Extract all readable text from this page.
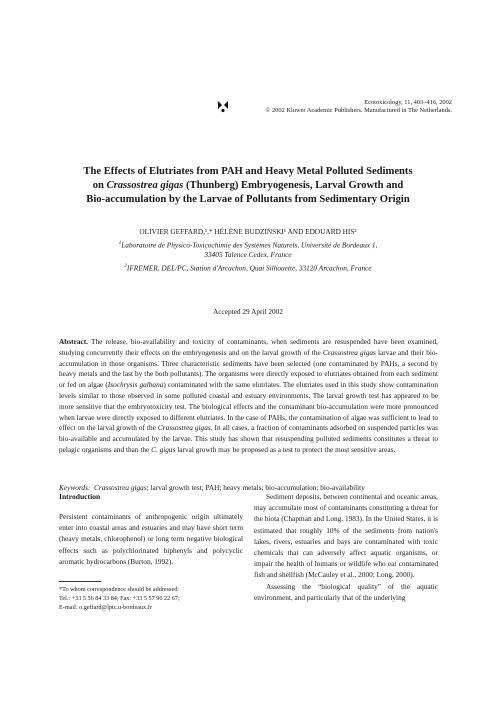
Ecotoxicology, 11, 403–416, 2002
© 2002 Kluwer Academic Publishers. Manufactured in The Netherlands.
The Effects of Elutriates from PAH and Heavy Metal Polluted Sediments
on Crassostrea gigas (Thunberg) Embryogenesis, Larval Growth and
Bio-accumulation by the Larvae of Pollutants from Sedimentary Origin
OLIVIER GEFFARD,¹,* HÉLÈNE BUDZINSKI¹ AND EDOUARD HIS²
$^1$Laboratoire de Physico-Toxicochimie des Systèmes Naturels, Université de Bordeaux 1,
33405 Talence Cedex, France
$^2$IFREMER, DEL/PC, Station d'Arcachon, Quai Silhouette, 33120 Arcachon, France
Accepted 29 April 2002
Abstract. The release, bio-availability and toxicity of contaminants, when sediments are resuspended have been examined, studying concurrently their effects on the embryogenesis and on the larval growth of the Crassostrea gigas larvae and their bio-accumulation in those organisms. Three characteristic sediments have been selected (one contaminated by PAHs, a second by heavy metals and the last by the both pollutants). The organisms were directly exposed to elutriates obtained from each sediment or fed on algae (Isochrysis galbana) contaminated with the same elutriates. The elutriates used in this study show contamination levels similar to those observed in some polluted coastal and estuary environments. The larval growth test has appeared to be more sensitive that the embryotoxicity test. The biological effects and the contaminant bio-accumulation were more pronounced when larvae were directly exposed to different elutriates. In the case of PAHs, the contamination of algae was sufficient to lead to effect on the larval growth of the Crassostrea gigas. In all cases, a fraction of contaminants adsorbed on suspended particles was bio-available and accumulated by the larvae. This study has shown that resuspending polluted sediments constitutes a threat to pelagic organisms and than the C. gigas larval growth may be proposed as a test to protect the most sensitive areas.
Keywords: Crassostrea gigas; larval growth test; PAH; heavy metals; bio-accumulation; bio-availability
Introduction

Persistent contaminants of anthropogenic origin ultimately enter into coastal areas and estuaries and may have short term (heavy metals, chlorophenol) or long term negative biological effects such as polychlorinated biphenyls and polycyclic aromatic hydrocarbons (Burton, 1992).

Sediment deposits, between continental and oceanic areas, may accumulate most of contaminants constituting a threat for the biota (Chapman and Long, 1983). In the United States, it is estimated that roughly 10% of the sediments from nation's lakes, rivers, estuaries and bays are contaminated with toxic chemicals that can adversely affect aquatic organisms, or impair the health of humans or wildlife who eat contaminated fish and shellfish (McCauley et al., 2000; Long, 2000).

Assessing the “biological quality” of the aquatic environment, and particularly that of the underlying

*To whom correspondence should be addressed:
Tel.: +33 5 56 84 33 84; Fax: +33 5 57 96 22 67;
E-mail: o.geffard@lptc.u-bordeaux.fr
